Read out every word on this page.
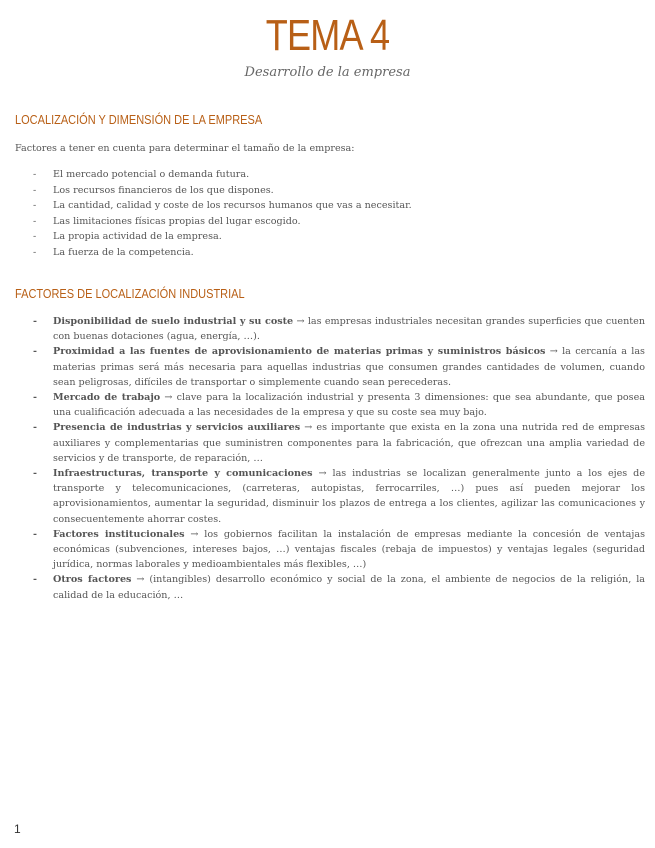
TEMA 4
Desarrollo de la empresa
LOCALIZACIÓN Y DIMENSIÓN DE LA EMPRESA
Factores a tener en cuenta para determinar el tamaño de la empresa:
- El mercado potencial o demanda futura.
- Los recursos financieros de los que dispones.
- La cantidad, calidad y coste de los recursos humanos que vas a necesitar.
- Las limitaciones físicas propias del lugar escogido.
- La propia actividad de la empresa.
- La fuerza de la competencia.
FACTORES DE LOCALIZACIÓN INDUSTRIAL
- Disponibilidad de suelo industrial y su coste → las empresas industriales necesitan grandes superficies que cuenten con buenas dotaciones (agua, energía, …).
- Proximidad a las fuentes de aprovisionamiento de materias primas y suministros básicos → la cercanía a las materias primas será más necesaria para aquellas industrias que consumen grandes cantidades de volumen, cuando sean peligrosas, difíciles de transportar o simplemente cuando sean perecederas.
- Mercado de trabajo → clave para la localización industrial y presenta 3 dimensiones: que sea abundante, que posea una cualificación adecuada a las necesidades de la empresa y que su coste sea muy bajo.
- Presencia de industrias y servicios auxiliares → es importante que exista en la zona una nutrida red de empresas auxiliares y complementarias que suministren componentes para la fabricación, que ofrezcan una amplia variedad de servicios y de transporte, de reparación, …
- Infraestructuras, transporte y comunicaciones → las industrias se localizan generalmente junto a los ejes de transporte y telecomunicaciones, (carreteras, autopistas, ferrocarriles, …) pues así pueden mejorar los aprovisionamientos, aumentar la seguridad, disminuir los plazos de entrega a los clientes, agilizar las comunicaciones y consecuentemente ahorrar costes.
- Factores institucionales → los gobiernos facilitan la instalación de empresas mediante la concesión de ventajas económicas (subvenciones, intereses bajos, …) ventajas fiscales (rebaja de impuestos) y ventajas legales (seguridad jurídica, normas laborales y medioambientales más flexibles, …)
- Otros factores → (intangibles) desarrollo económico y social de la zona, el ambiente de negocios de la religión, la calidad de la educación, …
1
